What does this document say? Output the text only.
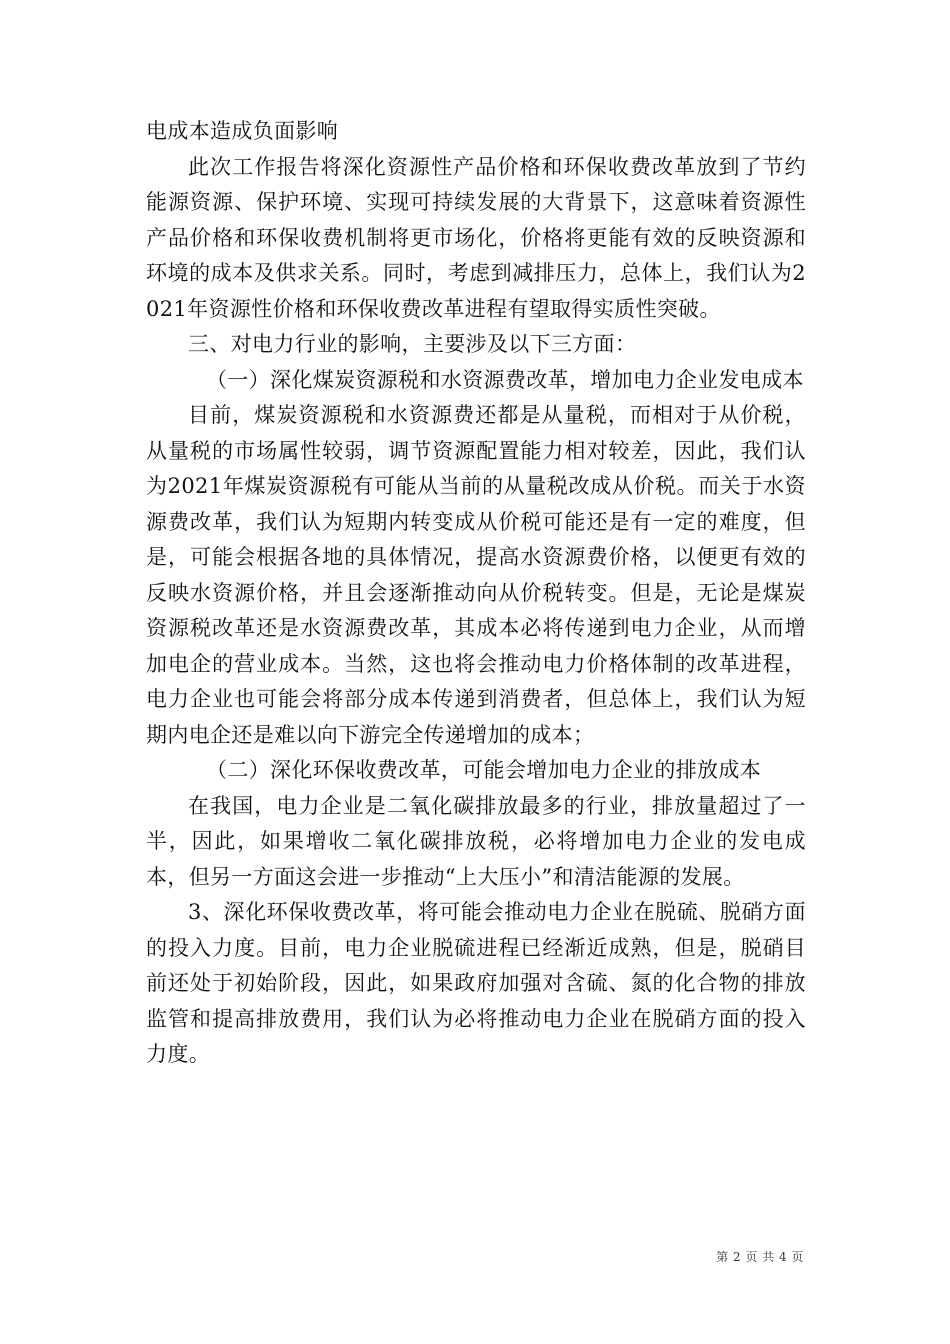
电成本造成负面影响

此次工作报告将深化资源性产品价格和环保收费改革放到了节约能源资源、保护环境、实现可持续发展的大背景下，这意味着资源性产品价格和环保收费机制将更市场化，价格将更能有效的反映资源和环境的成本及供求关系。同时，考虑到减排压力，总体上，我们认为2021年资源性价格和环保收费改革进程有望取得实质性突破。

三、对电力行业的影响，主要涉及以下三方面：

（一）深化煤炭资源税和水资源费改革，增加电力企业发电成本

目前，煤炭资源税和水资源费还都是从量税，而相对于从价税，从量税的市场属性较弱，调节资源配置能力相对较差，因此，我们认为2021年煤炭资源税有可能从当前的从量税改成从价税。而关于水资源费改革，我们认为短期内转变成从价税可能还是有一定的难度，但是，可能会根据各地的具体情况，提高水资源费价格，以便更有效的反映水资源价格，并且会逐渐推动向从价税转变。但是，无论是煤炭资源税改革还是水资源费改革，其成本必将传递到电力企业，从而增加电企的营业成本。当然，这也将会推动电力价格体制的改革进程，电力企业也可能会将部分成本传递到消费者，但总体上，我们认为短期内电企还是难以向下游完全传递增加的成本；

（二）深化环保收费改革，可能会增加电力企业的排放成本

在我国，电力企业是二氧化碳排放最多的行业，排放量超过了一半，因此，如果增收二氧化碳排放税，必将增加电力企业的发电成本，但另一方面这会进一步推动“上大压小”和清洁能源的发展。

3、深化环保收费改革，将可能会推动电力企业在脱硫、脱硝方面的投入力度。目前，电力企业脱硫进程已经渐近成熟，但是，脱硝目前还处于初始阶段，因此，如果政府加强对含硫、氮的化合物的排放监管和提高排放费用，我们认为必将推动电力企业在脱硝方面的投入力度。

第 2 页 共 4 页
